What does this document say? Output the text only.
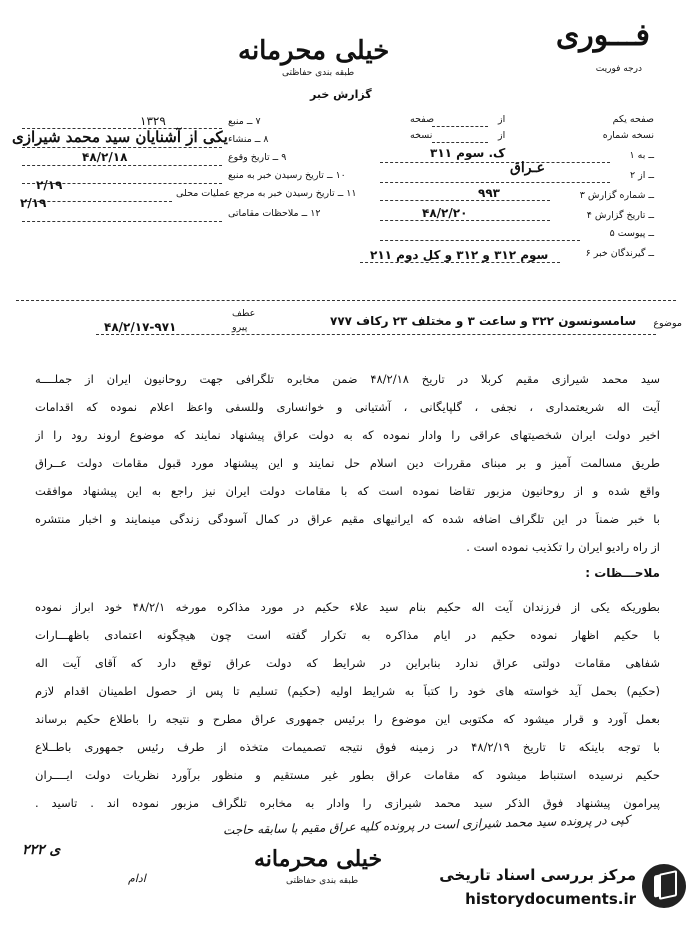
فـــوری
درجه فوریت
خیلی محرمانه
طبقه بندی حفاظتی
گزارش خبر
۷ ــ منبع
۱۳۲۹
۸ ــ منشاء
یکی از آشنایان سید محمد شیرازی
۹ ــ تاریخ وقوع
۴۸/۲/۱۸
۱۰ ــ تاریخ رسیدن خبر به منبع
۱۱ ــ تاریخ رسیدن خبر به مرجع عملیات محلی
۲/۱۹
۱۲ ــ ملاحظات مقاماتی
۲/۱۹
صفحه یکم
از
صفحه
نسخه شماره
از
نسخه
۱ ــ به
ک. سوم ۳۱۱
۲ ــ از
عـراق
۳ ــ شماره گزارش
۹۹۳
۴ ــ تاریخ گزارش
۴۸/۲/۲۰
۵ ــ پیوست
۶ ــ گیرندگان خبر
سوم ۳۱۲ و ۳۱۲ و کل دوم ۲۱۱
موضوع
سامسونسون ۳۲۲ و ساعت ۳ و مختلف ۲۳ رکاف ۷۷۷
عطف
پیرو
۴۸/۲/۱۷-۹۷۱
سید محمد شیرازی مقیم کربلا در تاریخ ۴۸/۲/۱۸ ضمن مخابره تلگرافی جهت روحانیون ایران از جملــــه
آیت اله شریعتمداری ، نجفی ، گلپایگانی ، آشتیانی و خوانساری وللسفی واعظ اعلام نموده که اقدامات
اخیر دولت ایران شخصیتهای عراقی را وادار نموده که به دولت عراق پیشنهاد نمایند که موضوع اروند رود را از
طریق مسالمت آمیز و بر مبنای مقررات دین اسلام حل نمایند و این پیشنهاد مورد قبول مقامات دولت عــراق
واقع شده و از روحانیون مزبور تقاضا نموده است که با مقامات دولت ایران نیز راجع به این پیشنهاد موافقت
با خبر ضمناً در این تلگراف اضافه شده که ایرانیهای مقیم عراق در کمال آسودگی زندگی مینمایند و اخبار منتشره
از راه رادیو ایران را تکذیب نموده است .
ملاحـــظات :
بطوریکه یکی از فرزندان آیت اله حکیم بنام سید علاء حکیم در مورد مذاکره مورخه ۴۸/۲/۱ خود ابراز نموده
با حکیم اظهار نموده حکیم در ایام مذاکره به تکرار گفته است چون هیچگونه اعتمادی باظهـــارات
شفاهی مقامات دولتی عراق ندارد بنابراین در شرایط که دولت عراق توقع دارد که آقای آیت اله
(حکیم) بحمل آید خواسته های خود را کتباً به شرایط اولیه (حکیم) تسلیم تا پس از حصول اطمینان اقدام لازم
بعمل آورد و قرار میشود که مکتوبی این موضوع را برئیس جمهوری عراق مطرح و نتیجه را باطلاع حکیم برساند
با توجه باینکه تا تاریخ ۴۸/۲/۱۹ در زمینه فوق نتیجه تصمیمات متخذه از طرف رئیس جمهوری باطــلاع
حکیم نرسیده استنباط میشود که مقامات عراق بطور غیر مستقیم و منظور برآورد نظریات دولت ایــــران
پیرامون پیشنهاد فوق الذکر سید محمد شیرازی را وادار به مخابره تلگراف مزبور نموده اند . تاسید .
کپی در پرونده سید محمد شیرازی است در پرونده کلیه عراق مقیم با سابقه حاجت
ی ۲۲۲	خیلی محرمانه
طبقه بندی حفاظتی
ادام	مرکز بررسی اسناد تاریخی
historydocuments.ir
